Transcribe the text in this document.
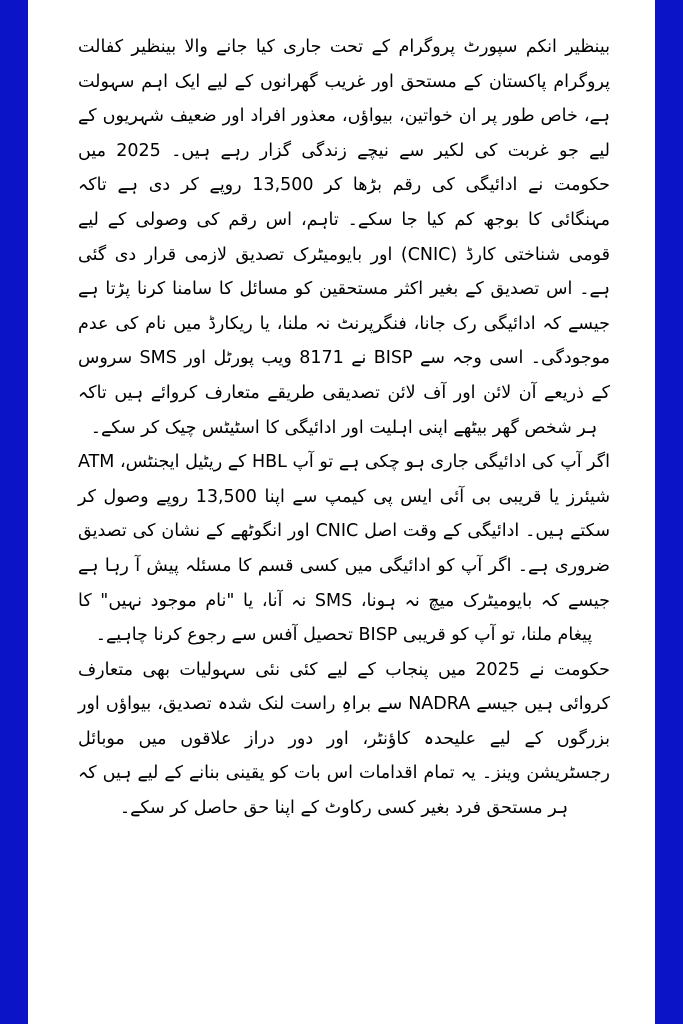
بینظیر انکم سپورٹ پروگرام کے تحت جاری کیا جانے والا بینظیر کفالت پروگرام پاکستان کے مستحق اور غریب گھرانوں کے لیے ایک اہم سہولت ہے، خاص طور پر ان خواتین، بیواؤں، معذور افراد اور ضعیف شہریوں کے لیے جو غربت کی لکیر سے نیچے زندگی گزار رہے ہیں۔ 2025 میں حکومت نے ادائیگی کی رقم بڑھا کر 13,500 روپے کر دی ہے تاکہ مہنگائی کا بوجھ کم کیا جا سکے۔ تاہم، اس رقم کی وصولی کے لیے قومی شناختی کارڈ (CNIC) اور بایومیٹرک تصدیق لازمی قرار دی گئی ہے۔ اس تصدیق کے بغیر اکثر مستحقین کو مسائل کا سامنا کرنا پڑتا ہے جیسے کہ ادائیگی رک جانا، فنگرپرنٹ نہ ملنا، یا ریکارڈ میں نام کی عدم موجودگی۔ اسی وجہ سے BISP نے 8171 ویب پورٹل اور SMS سروس کے ذریعے آن لائن اور آف لائن تصدیقی طریقے متعارف کروائے ہیں تاکہ ہر شخص گھر بیٹھے اپنی اہلیت اور ادائیگی کا اسٹیٹس چیک کر سکے۔

اگر آپ کی ادائیگی جاری ہو چکی ہے تو آپ HBL کے ریٹیل ایجنٹس، ATM شیئرز یا قریبی بی آئی ایس پی کیمپ سے اپنا 13,500 روپے وصول کر سکتے ہیں۔ ادائیگی کے وقت اصل CNIC اور انگوٹھے کے نشان کی تصدیق ضروری ہے۔ اگر آپ کو ادائیگی میں کسی قسم کا مسئلہ پیش آ رہا ہے جیسے کہ بایومیٹرک میچ نہ ہونا، SMS نہ آنا، یا "نام موجود نہیں" کا پیغام ملنا، تو آپ کو قریبی BISP تحصیل آفس سے رجوع کرنا چاہیے۔

حکومت نے 2025 میں پنجاب کے لیے کئی نئی سہولیات بھی متعارف کروائی ہیں جیسے NADRA سے براہِ راست لنک شدہ تصدیق، بیواؤں اور بزرگوں کے لیے علیحدہ کاؤنٹر، اور دور دراز علاقوں میں موبائل رجسٹریشن وینز۔ یہ تمام اقدامات اس بات کو یقینی بنانے کے لیے ہیں کہ ہر مستحق فرد بغیر کسی رکاوٹ کے اپنا حق حاصل کر سکے۔
